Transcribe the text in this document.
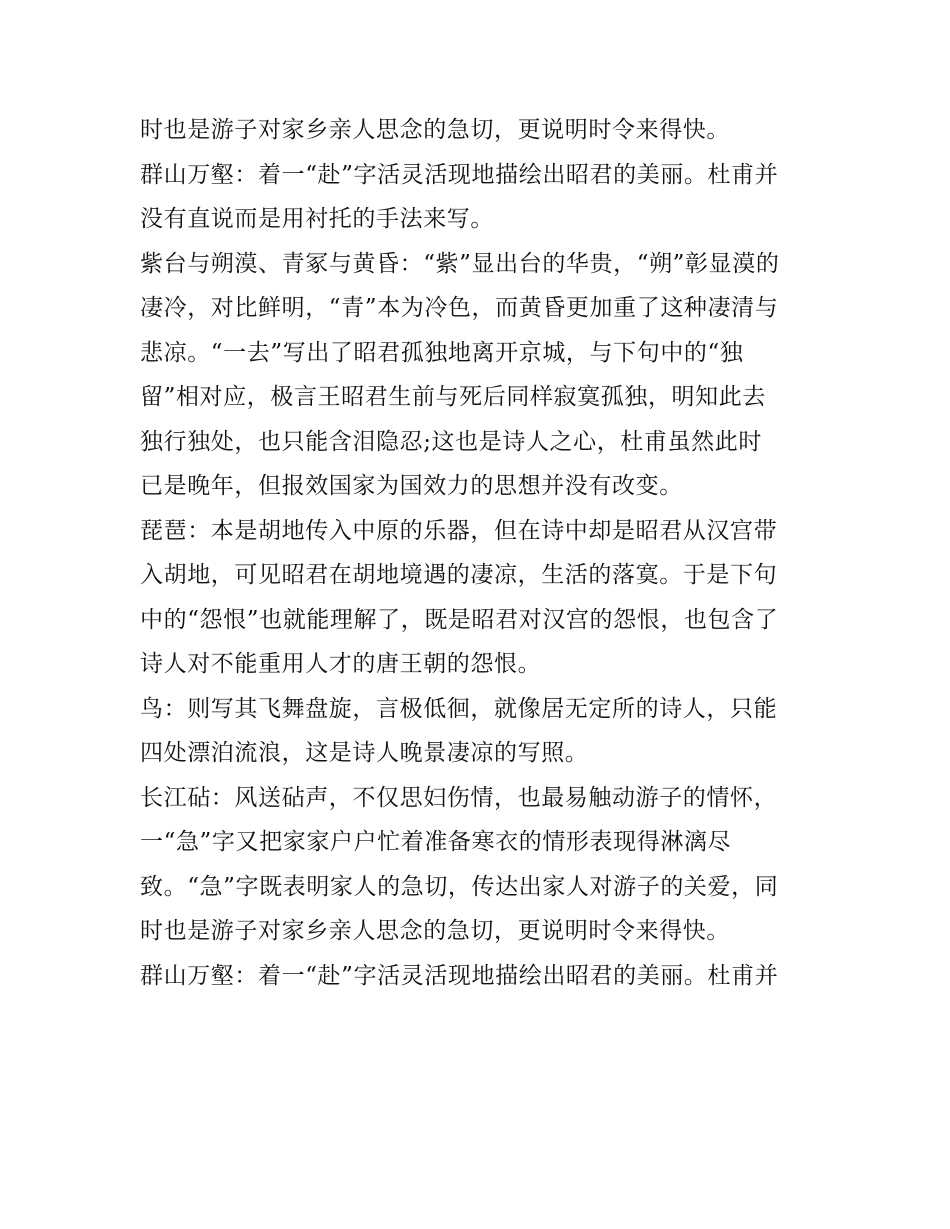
时也是游子对家乡亲人思念的急切，更说明时令来得快。
群山万壑：着一“赴”字活灵活现地描绘出昭君的美丽。杜甫并
没有直说而是用衬托的手法来写。
紫台与朔漠、青冢与黄昏：“紫”显出台的华贵，“朔”彰显漠的
凄冷，对比鲜明，“青”本为冷色，而黄昏更加重了这种凄清与
悲凉。“一去”写出了昭君孤独地离开京城，与下句中的“独
留”相对应，极言王昭君生前与死后同样寂寞孤独，明知此去
独行独处，也只能含泪隐忍;这也是诗人之心，杜甫虽然此时
已是晚年，但报效国家为国效力的思想并没有改变。
琵琶：本是胡地传入中原的乐器，但在诗中却是昭君从汉宫带
入胡地，可见昭君在胡地境遇的凄凉，生活的落寞。于是下句
中的“怨恨”也就能理解了，既是昭君对汉宫的怨恨，也包含了
诗人对不能重用人才的唐王朝的怨恨。
鸟：则写其飞舞盘旋，言极低徊，就像居无定所的诗人，只能
四处漂泊流浪，这是诗人晚景凄凉的写照。
长江砧：风送砧声，不仅思妇伤情，也最易触动游子的情怀，
一“急”字又把家家户户忙着准备寒衣的情形表现得淋漓尽
致。“急”字既表明家人的急切，传达出家人对游子的关爱，同
时也是游子对家乡亲人思念的急切，更说明时令来得快。
群山万壑：着一“赴”字活灵活现地描绘出昭君的美丽。杜甫并
